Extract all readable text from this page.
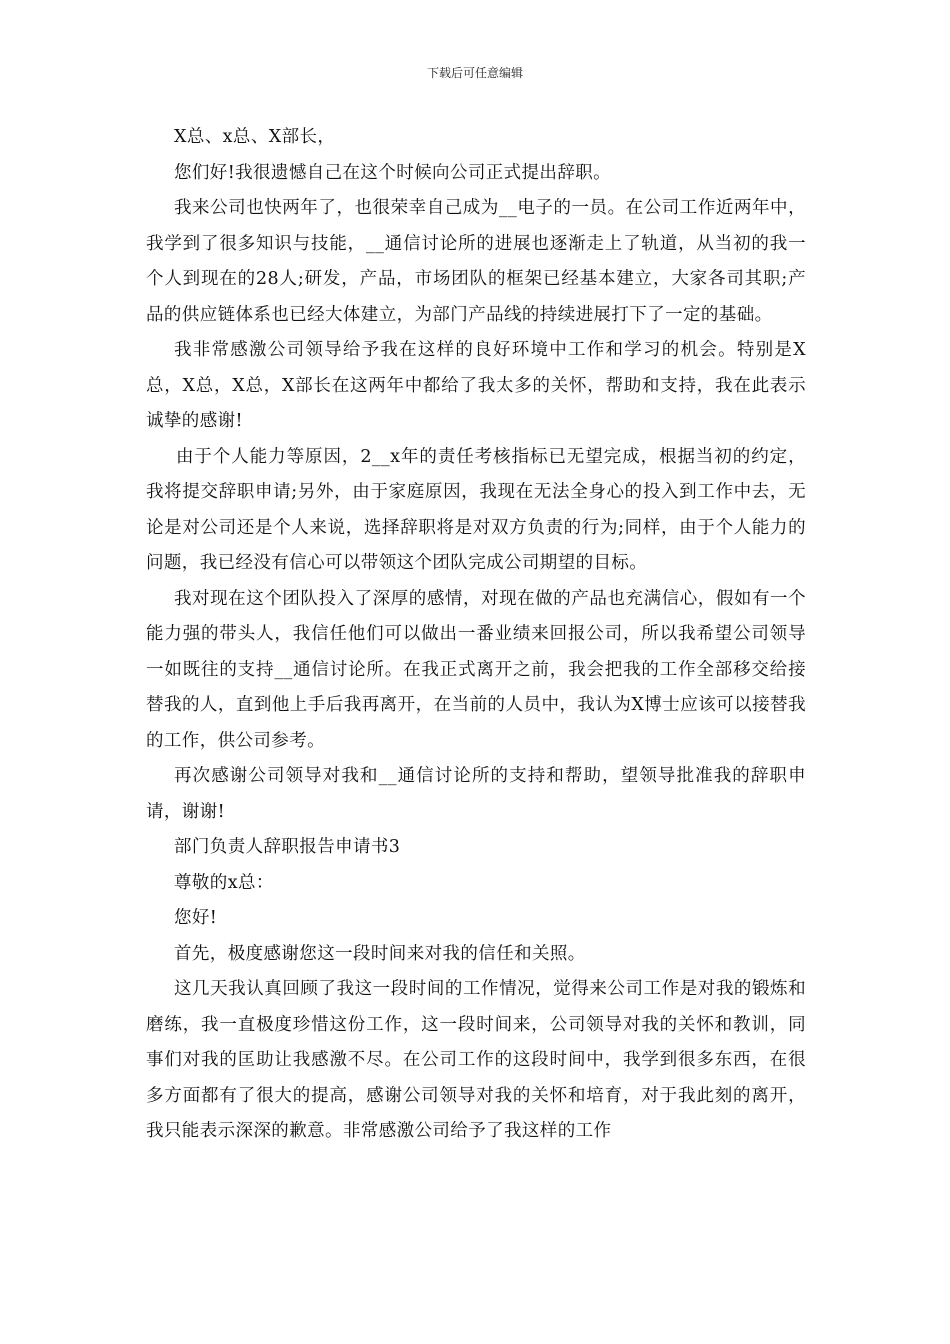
下载后可任意编辑

X总、x总、X部长，

您们好!我很遗憾自己在这个时候向公司正式提出辞职。

我来公司也快两年了，也很荣幸自己成为__电子的一员。在公司工作近两年中，我学到了很多知识与技能，__通信讨论所的进展也逐渐走上了轨道，从当初的我一个人到现在的28人;研发，产品，市场团队的框架已经基本建立，大家各司其职;产品的供应链体系也已经大体建立，为部门产品线的持续进展打下了一定的基础。

我非常感激公司领导给予我在这样的良好环境中工作和学习的机会。特别是X总，X总，X总，X部长在这两年中都给了我太多的关怀，帮助和支持，我在此表示诚挚的感谢!

由于个人能力等原因，2__x年的责任考核指标已无望完成，根据当初的约定，我将提交辞职申请;另外，由于家庭原因，我现在无法全身心的投入到工作中去，无论是对公司还是个人来说，选择辞职将是对双方负责的行为;同样，由于个人能力的问题，我已经没有信心可以带领这个团队完成公司期望的目标。

我对现在这个团队投入了深厚的感情，对现在做的产品也充满信心，假如有一个能力强的带头人，我信任他们可以做出一番业绩来回报公司，所以我希望公司领导一如既往的支持__通信讨论所。在我正式离开之前，我会把我的工作全部移交给接替我的人，直到他上手后我再离开，在当前的人员中，我认为X博士应该可以接替我的工作，供公司参考。

再次感谢公司领导对我和__通信讨论所的支持和帮助，望领导批准我的辞职申请，谢谢!

部门负责人辞职报告申请书3

尊敬的x总：

您好!

首先，极度感谢您这一段时间来对我的信任和关照。

这几天我认真回顾了我这一段时间的工作情况，觉得来公司工作是对我的锻炼和磨练，我一直极度珍惜这份工作，这一段时间来，公司领导对我的关怀和教训，同事们对我的匡助让我感激不尽。在公司工作的这段时间中，我学到很多东西，在很多方面都有了很大的提高，感谢公司领导对我的关怀和培育，对于我此刻的离开，我只能表示深深的歉意。非常感激公司给予了我这样的工作
